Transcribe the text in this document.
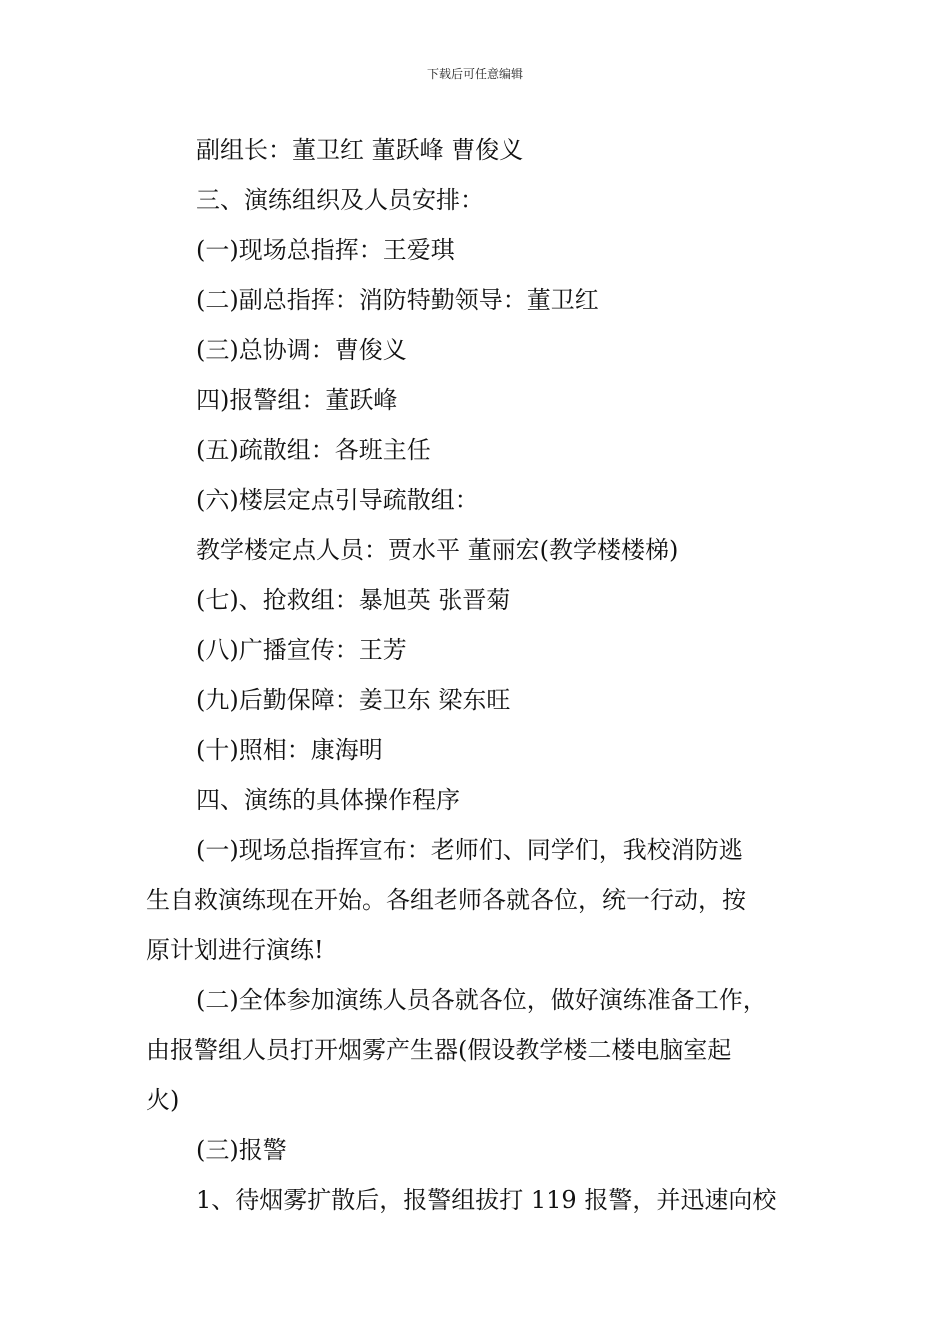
下载后可任意编辑
副组长：董卫红 董跃峰 曹俊义
三、演练组织及人员安排：
(一)现场总指挥：王爱琪
(二)副总指挥：消防特勤领导：董卫红
(三)总协调：曹俊义
四)报警组：董跃峰
(五)疏散组：各班主任
(六)楼层定点引导疏散组：
教学楼定点人员：贾水平 董丽宏(教学楼楼梯)
(七)、抢救组：暴旭英 张晋菊
(八)广播宣传：王芳
(九)后勤保障：姜卫东 梁东旺
(十)照相：康海明
四、演练的具体操作程序
(一)现场总指挥宣布：老师们、同学们，我校消防逃
生自救演练现在开始。各组老师各就各位，统一行动，按
原计划进行演练!
(二)全体参加演练人员各就各位，做好演练准备工作，
由报警组人员打开烟雾产生器(假设教学楼二楼电脑室起
火)
(三)报警
1、待烟雾扩散后，报警组拔打 119 报警，并迅速向校
